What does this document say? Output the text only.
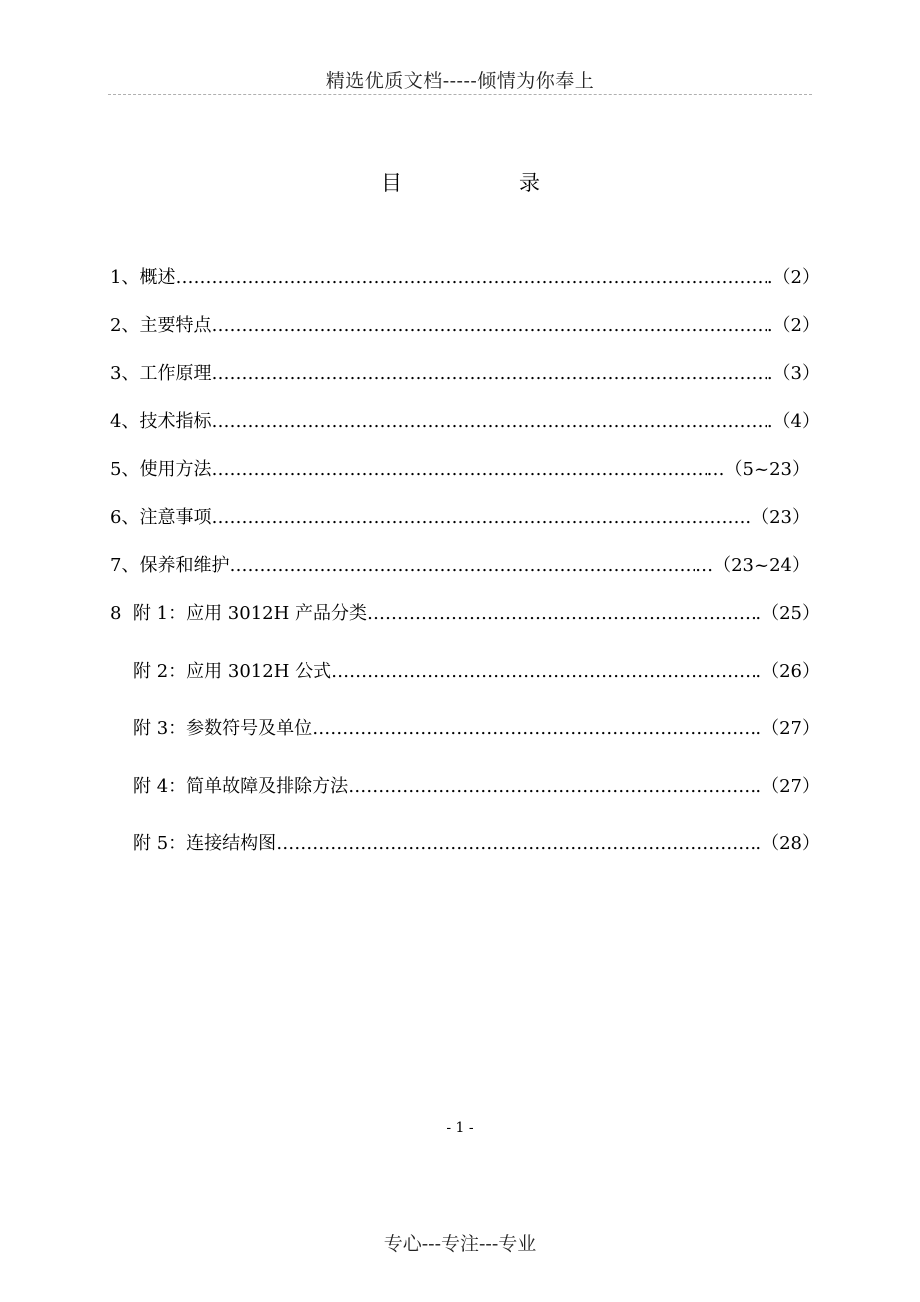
精选优质文档-----倾情为你奉上
目	录
1、概述 ……………………………………………………………………………………………………………………………………………………………………………………	.（2）
2、主要特点 ……………………………………………………………………………………………………………………………………………………………………………………	.（2）
3、工作原理 ……………………………………………………………………………………………………………………………………………………………………………………	.（3）
4、技术指标 ……………………………………………………………………………………………………………………………………………………………………………………	.（4）
5、使用方法 ……………………………………………………………………………………………………………………………………………………………………………………	…（5~23）
6、注意事项 ……………………………………………………………………………………………………………………………………………………………………………………	.（23）
7、保养和维护 ……………………………………………………………………………………………………………………………………………………………………………………	…（23~24）
8  附 1：应用 3012H 产品分类 ……………………………………………………………………………………………………………………………………………………………………………………	.（25）
附 2：应用 3012H 公式 ……………………………………………………………………………………………………………………………………………………………………………………	.（26）
附 3：参数符号及单位 ……………………………………………………………………………………………………………………………………………………………………………………	.（27）
附 4：简单故障及排除方法 ……………………………………………………………………………………………………………………………………………………………………………………	.（27）
附 5：连接结构图 ……………………………………………………………………………………………………………………………………………………………………………………	.（28）
- 1 -
专心---专注---专业
